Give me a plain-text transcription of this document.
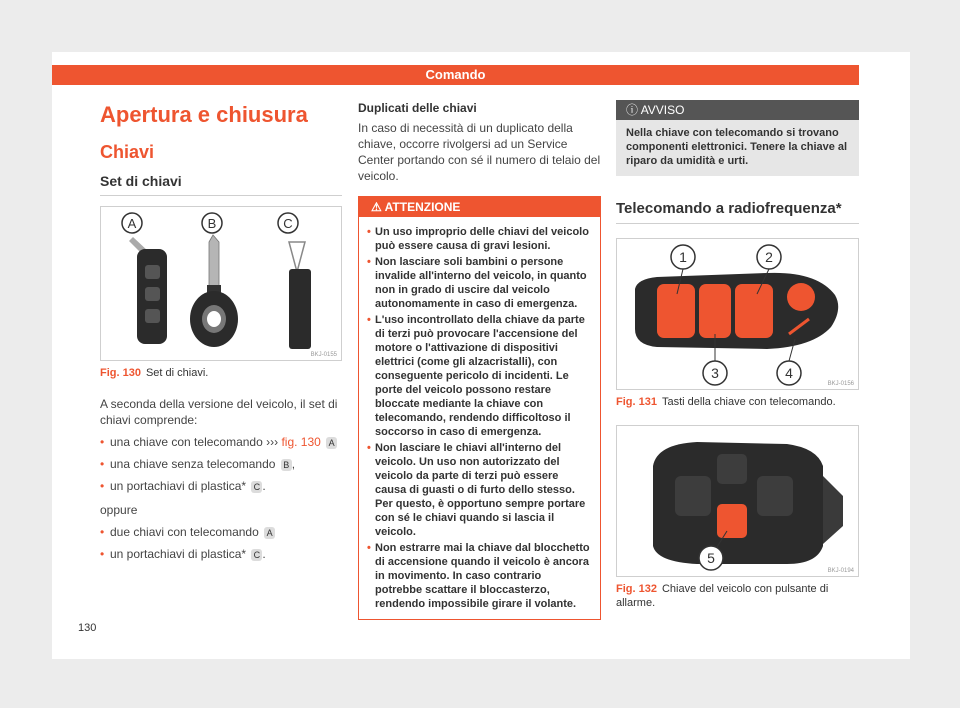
Comando
Apertura e chiusura
Chiavi
Set di chiavi
A	B	C
BKJ-0155
Fig. 130 Set di chiavi.

A seconda della versione del veicolo, il set di chiavi comprende:

• una chiave con telecomando ››› fig. 130 A
• una chiave senza telecomando B ,
• un portachiavi di plastica* C .

oppure

• due chiavi con telecomando A
• un portachiavi di plastica* C .

Duplicati delle chiavi

In caso di necessità di un duplicato della chiave, occorre rivolgersi ad un Service Center portando con sé il numero di telaio del veicolo.

⚠ ATTENZIONE
• Un uso improprio delle chiavi del veicolo può essere causa di gravi lesioni.
• Non lasciare soli bambini o persone invalide all'interno del veicolo, in quanto non in grado di uscire dal veicolo autonomamente in caso di emergenza.
• L'uso incontrollato della chiave da parte di terzi può provocare l'accensione del motore o l'attivazione di dispositivi elettrici (come gli alzacristalli), con conseguente pericolo di incidenti. Le porte del veicolo possono restare bloccate mediante la chiave con telecomando, rendendo difficoltoso il soccorso in caso di emergenza.
• Non lasciare le chiavi all'interno del veicolo. Un uso non autorizzato del veicolo da parte di terzi può essere causa di guasti o di furto dello stesso. Per questo, è opportuno sempre portare con sé le chiavi quando si lascia il veicolo.
• Non estrarre mai la chiave dal blocchetto di accensione quando il veicolo è ancora in movimento. In caso contrario potrebbe scattare il bloccasterzo, rendendo impossibile girare il volante.
ⓘ AVVISO
Nella chiave con telecomando si trovano componenti elettronici. Tenere la chiave al riparo da umidità e urti.
Telecomando a radiofrequenza*
1	2
3	4
BKJ-0156
Fig. 131 Tasti della chiave con telecomando.
5
BKJ-0194
Fig. 132 Chiave del veicolo con pulsante di allarme.
130
